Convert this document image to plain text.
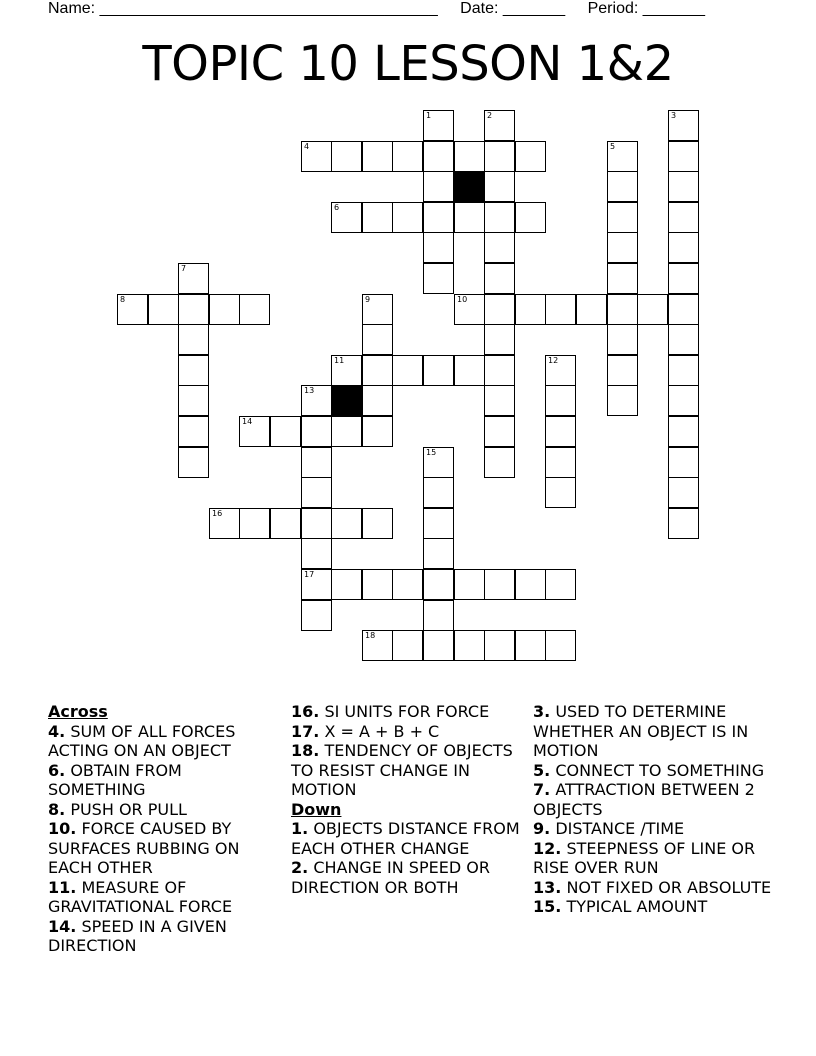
Name: ______________________________________ Date: _______ Period: _______
TOPIC 10 LESSON 1&2
1	2	3
4	5
6
7
8	9	10
11	12
13
17
14
15
16
18
Across

4. SUM OF ALL FORCES ACTING ON AN OBJECT

6. OBTAIN FROM SOMETHING

8. PUSH OR PULL

10. FORCE CAUSED BY SURFACES RUBBING ON EACH OTHER

11. MEASURE OF GRAVITATIONAL FORCE

14. SPEED IN A GIVEN DIRECTION

16. SI UNITS FOR FORCE

17. X = A + B + C

18. TENDENCY OF OBJECTS TO RESIST CHANGE IN MOTION

Down

1. OBJECTS DISTANCE FROM EACH OTHER CHANGE

2. CHANGE IN SPEED OR DIRECTION OR BOTH

3. USED TO DETERMINE WHETHER AN OBJECT IS IN MOTION

5. CONNECT TO SOMETHING

7. ATTRACTION BETWEEN 2 OBJECTS

9. DISTANCE /TIME

12. STEEPNESS OF LINE OR RISE OVER RUN

13. NOT FIXED OR ABSOLUTE

15. TYPICAL AMOUNT
